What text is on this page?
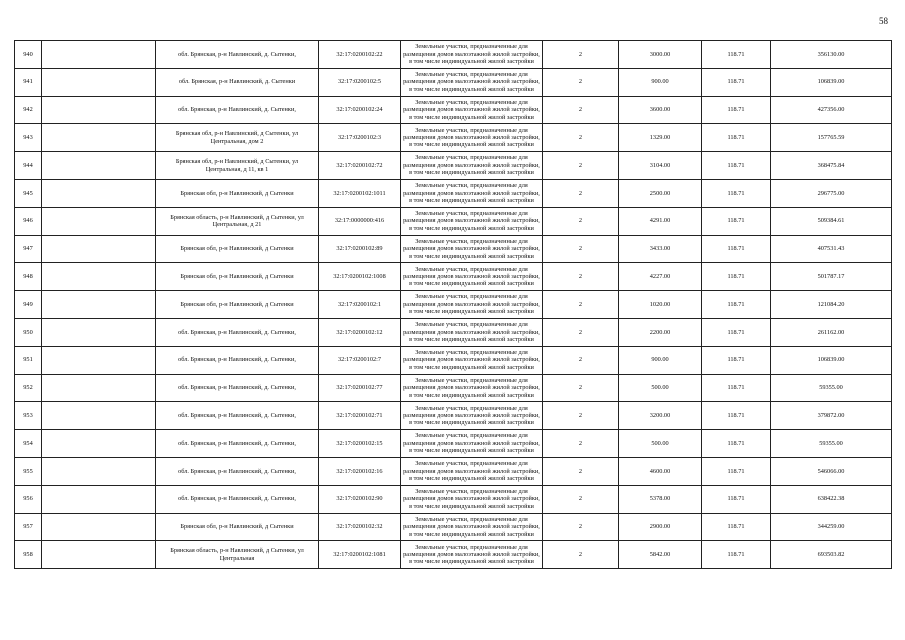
58
940		обл. Брянская, р-н Навлинский, д. Сытенки,	32:17:0200102:22	Земельные участки, предназначенные для размещения домов малоэтажной жилой застройки, в том числе индивидуальной жилой застройки	2	3000.00	118.71	356130.00
941		обл. Брянская, р-н Навлинский, д. Сытенки	32:17:0200102:5	Земельные участки, предназначенные для размещения домов малоэтажной жилой застройки, в том числе индивидуальной жилой застройки	2	900.00	118.71	106839.00
942		обл. Брянская, р-н Навлинский, д. Сытенки,	32:17:0200102:24	Земельные участки, предназначенные для размещения домов малоэтажной жилой застройки, в том числе индивидуальной жилой застройки	2	3600.00	118.71	427356.00
943		Брянская обл, р-н Навлинский, д Сытенки, ул Центральная, дом 2	32:17:0200102:3	Земельные участки, предназначенные для размещения домов малоэтажной жилой застройки, в том числе индивидуальной жилой застройки	2	1329.00	118.71	157765.59
944		Брянская обл, р-н Навлинский, д Сытенки, ул Центральная, д 11, кв 1	32:17:0200102:72	Земельные участки, предназначенные для размещения домов малоэтажной жилой застройки, в том числе индивидуальной жилой застройки	2	3104.00	118.71	368475.84
945		Брянская обл, р-н Навлинский, д Сытенки	32:17:0200102:1011	Земельные участки, предназначенные для размещения домов малоэтажной жилой застройки, в том числе индивидуальной жилой застройки	2	2500.00	118.71	296775.00
946		Брянская область, р-н Навлинский, д Сытенки, ул Центральная, д 21	32:17:0000000:416	Земельные участки, предназначенные для размещения домов малоэтажной жилой застройки, в том числе индивидуальной жилой застройки	2	4291.00	118.71	509384.61
947		Брянская обл, р-н Навлинский, д Сытенки	32:17:0200102:89	Земельные участки, предназначенные для размещения домов малоэтажной жилой застройки, в том числе индивидуальной жилой застройки	2	3433.00	118.71	407531.43
948		Брянская обл, р-н Навлинский, д Сытенки	32:17:0200102:1008	Земельные участки, предназначенные для размещения домов малоэтажной жилой застройки, в том числе индивидуальной жилой застройки	2	4227.00	118.71	501787.17
949		Брянская обл, р-н Навлинский, д Сытенки	32:17:0200102:1	Земельные участки, предназначенные для размещения домов малоэтажной жилой застройки, в том числе индивидуальной жилой застройки	2	1020.00	118.71	121084.20
950		обл. Брянская, р-н Навлинский, д. Сытенки,	32:17:0200102:12	Земельные участки, предназначенные для размещения домов малоэтажной жилой застройки, в том числе индивидуальной жилой застройки	2	2200.00	118.71	261162.00
951		обл. Брянская, р-н Навлинский, д. Сытенки,	32:17:0200102:7	Земельные участки, предназначенные для размещения домов малоэтажной жилой застройки, в том числе индивидуальной жилой застройки	2	900.00	118.71	106839.00
952		обл. Брянская, р-н Навлинский, д. Сытенки,	32:17:0200102:77	Земельные участки, предназначенные для размещения домов малоэтажной жилой застройки, в том числе индивидуальной жилой застройки	2	500.00	118.71	59355.00
953		обл. Брянская, р-н Навлинский, д. Сытенки,	32:17:0200102:71	Земельные участки, предназначенные для размещения домов малоэтажной жилой застройки, в том числе индивидуальной жилой застройки	2	3200.00	118.71	379872.00
954		обл. Брянская, р-н Навлинский, д. Сытенки,	32:17:0200102:15	Земельные участки, предназначенные для размещения домов малоэтажной жилой застройки, в том числе индивидуальной жилой застройки	2	500.00	118.71	59355.00
955		обл. Брянская, р-н Навлинский, д. Сытенки,	32:17:0200102:16	Земельные участки, предназначенные для размещения домов малоэтажной жилой застройки, в том числе индивидуальной жилой застройки	2	4600.00	118.71	546066.00
956		обл. Брянская, р-н Навлинский, д. Сытенки,	32:17:0200102:90	Земельные участки, предназначенные для размещения домов малоэтажной жилой застройки, в том числе индивидуальной жилой застройки	2	5378.00	118.71	638422.38
957		Брянская обл, р-н Навлинский, д Сытенки	32:17:0200102:32	Земельные участки, предназначенные для размещения домов малоэтажной жилой застройки, в том числе индивидуальной жилой застройки	2	2900.00	118.71	344259.00
958		Брянская область, р-н Навлинский, д Сытенки, ул Центральная	32:17:0200102:1081	Земельные участки, предназначенные для размещения домов малоэтажной жилой застройки, в том числе индивидуальной жилой застройки	2	5842.00	118.71	693503.82
